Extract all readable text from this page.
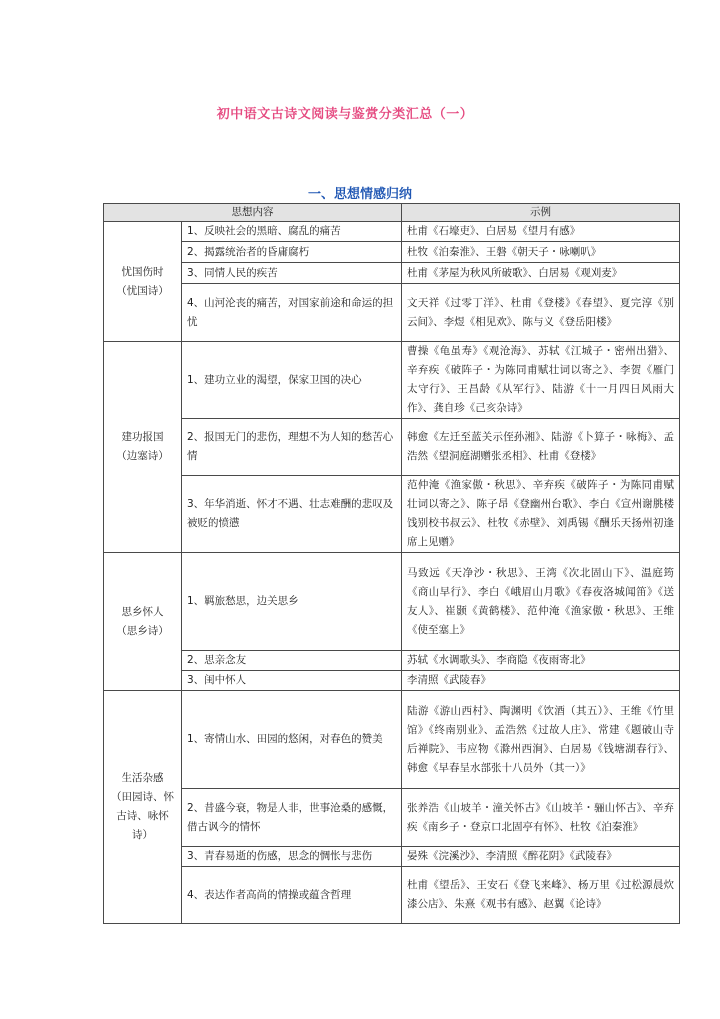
初中语文古诗文阅读与鉴赏分类汇总（一）
一、思想情感归纳
思想内容		示例
忧国伤时
（忧国诗）	1、反映社会的黑暗、腐乱的痛苦	杜甫《石壕吏》、白居易《望月有感》
	2、揭露统治者的昏庸腐朽	杜牧《泊秦淮》、王磐《朝天子・咏喇叭》
	3、同情人民的疾苦	杜甫《茅屋为秋风所破歌》、白居易《观刈麦》
	4、山河沦丧的痛苦，对国家前途和命运的担忧	文天祥《过零丁洋》、杜甫《登楼》《春望》、夏完淳《别云间》、李煜《相见欢》、陈与义《登岳阳楼》
建功报国
（边塞诗）	1、建功立业的渴望，保家卫国的决心	曹操《龟虽寿》《观沧海》、苏轼《江城子・密州出猎》、辛弃疾《破阵子・为陈同甫赋壮词以寄之》、李贺《雁门太守行》、王昌龄《从军行》、陆游《十一月四日风雨大作》、龚自珍《己亥杂诗》
	2、报国无门的悲伤，理想不为人知的愁苦心情	韩愈《左迁至蓝关示侄孙湘》、陆游《卜算子・咏梅》、孟浩然《望洞庭湖赠张丞相》、杜甫《登楼》
	3、年华消逝、怀才不遇、壮志难酬的悲叹及被贬的愤懑	范仲淹《渔家傲・秋思》、辛弃疾《破阵子・为陈同甫赋壮词以寄之》、陈子昂《登幽州台歌》、李白《宣州谢朓楼饯别校书叔云》、杜牧《赤壁》、刘禹锡《酬乐天扬州初逢席上见赠》
思乡怀人
（思乡诗）	1、羁旅愁思，边关思乡	马致远《天净沙・秋思》、王湾《次北固山下》、温庭筠《商山早行》、李白《峨眉山月歌》《春夜洛城闻笛》《送友人》、崔颢《黄鹤楼》、范仲淹《渔家傲・秋思》、王维《使至塞上》
	2、思亲念友	苏轼《水调歌头》、李商隐《夜雨寄北》
	3、闺中怀人	李清照《武陵春》
生活杂感
（田园诗、怀古诗、咏怀诗）	1、寄情山水、田园的悠闲，对春色的赞美	陆游《游山西村》、陶渊明《饮酒（其五）》、王维《竹里馆》《终南别业》、孟浩然《过故人庄》、常建《题破山寺后禅院》、韦应物《滁州西涧》、白居易《钱塘湖春行》、韩愈《早春呈水部张十八员外（其一）》
	2、昔盛今衰，物是人非，世事沧桑的感慨，借古讽今的情怀	张养浩《山坡羊・潼关怀古》《山坡羊・骊山怀古》、辛弃疾《南乡子・登京口北固亭有怀》、杜牧《泊秦淮》
	3、青春易逝的伤感，思念的惆怅与悲伤	晏殊《浣溪沙》、李清照《醉花阴》《武陵春》
	4、表达作者高尚的情操或蕴含哲理	杜甫《望岳》、王安石《登飞来峰》、杨万里《过松源晨炊漆公店》、朱熹《观书有感》、赵翼《论诗》
